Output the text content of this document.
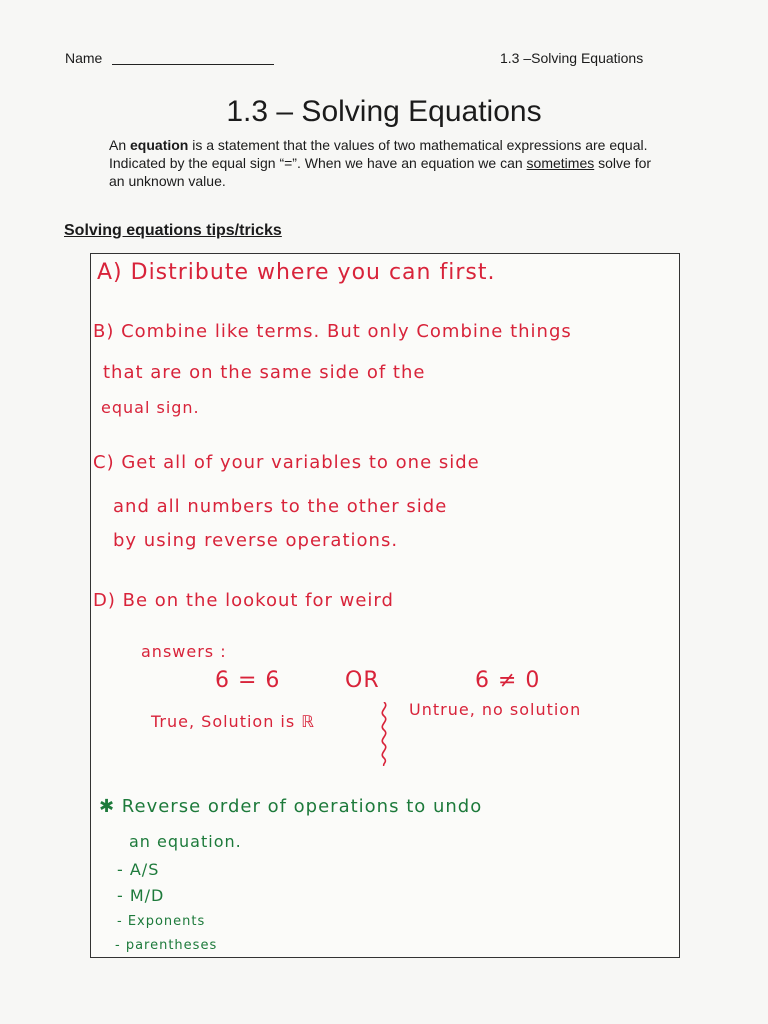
Name	1.3 –Solving Equations
1.3 – Solving Equations
An equation is a statement that the values of two mathematical expressions are equal. Indicated by the equal sign “=”. When we have an equation we can sometimes solve for an unknown value.
Solving equations tips/tricks
A) Distribute where you can first.
B) Combine like terms. But only Combine things
that are on the same side of the
equal sign.
C) Get all of your variables to one side
and all numbers to the other side
by using reverse operations.
D) Be on the lookout for weird
answers :
6 = 6	OR	6 ≠ 0
True, Solution is ℝ
Untrue, no solution
✱ Reverse order of operations to undo
an equation.
- A/S
- M/D
- Exponents
- parentheses
